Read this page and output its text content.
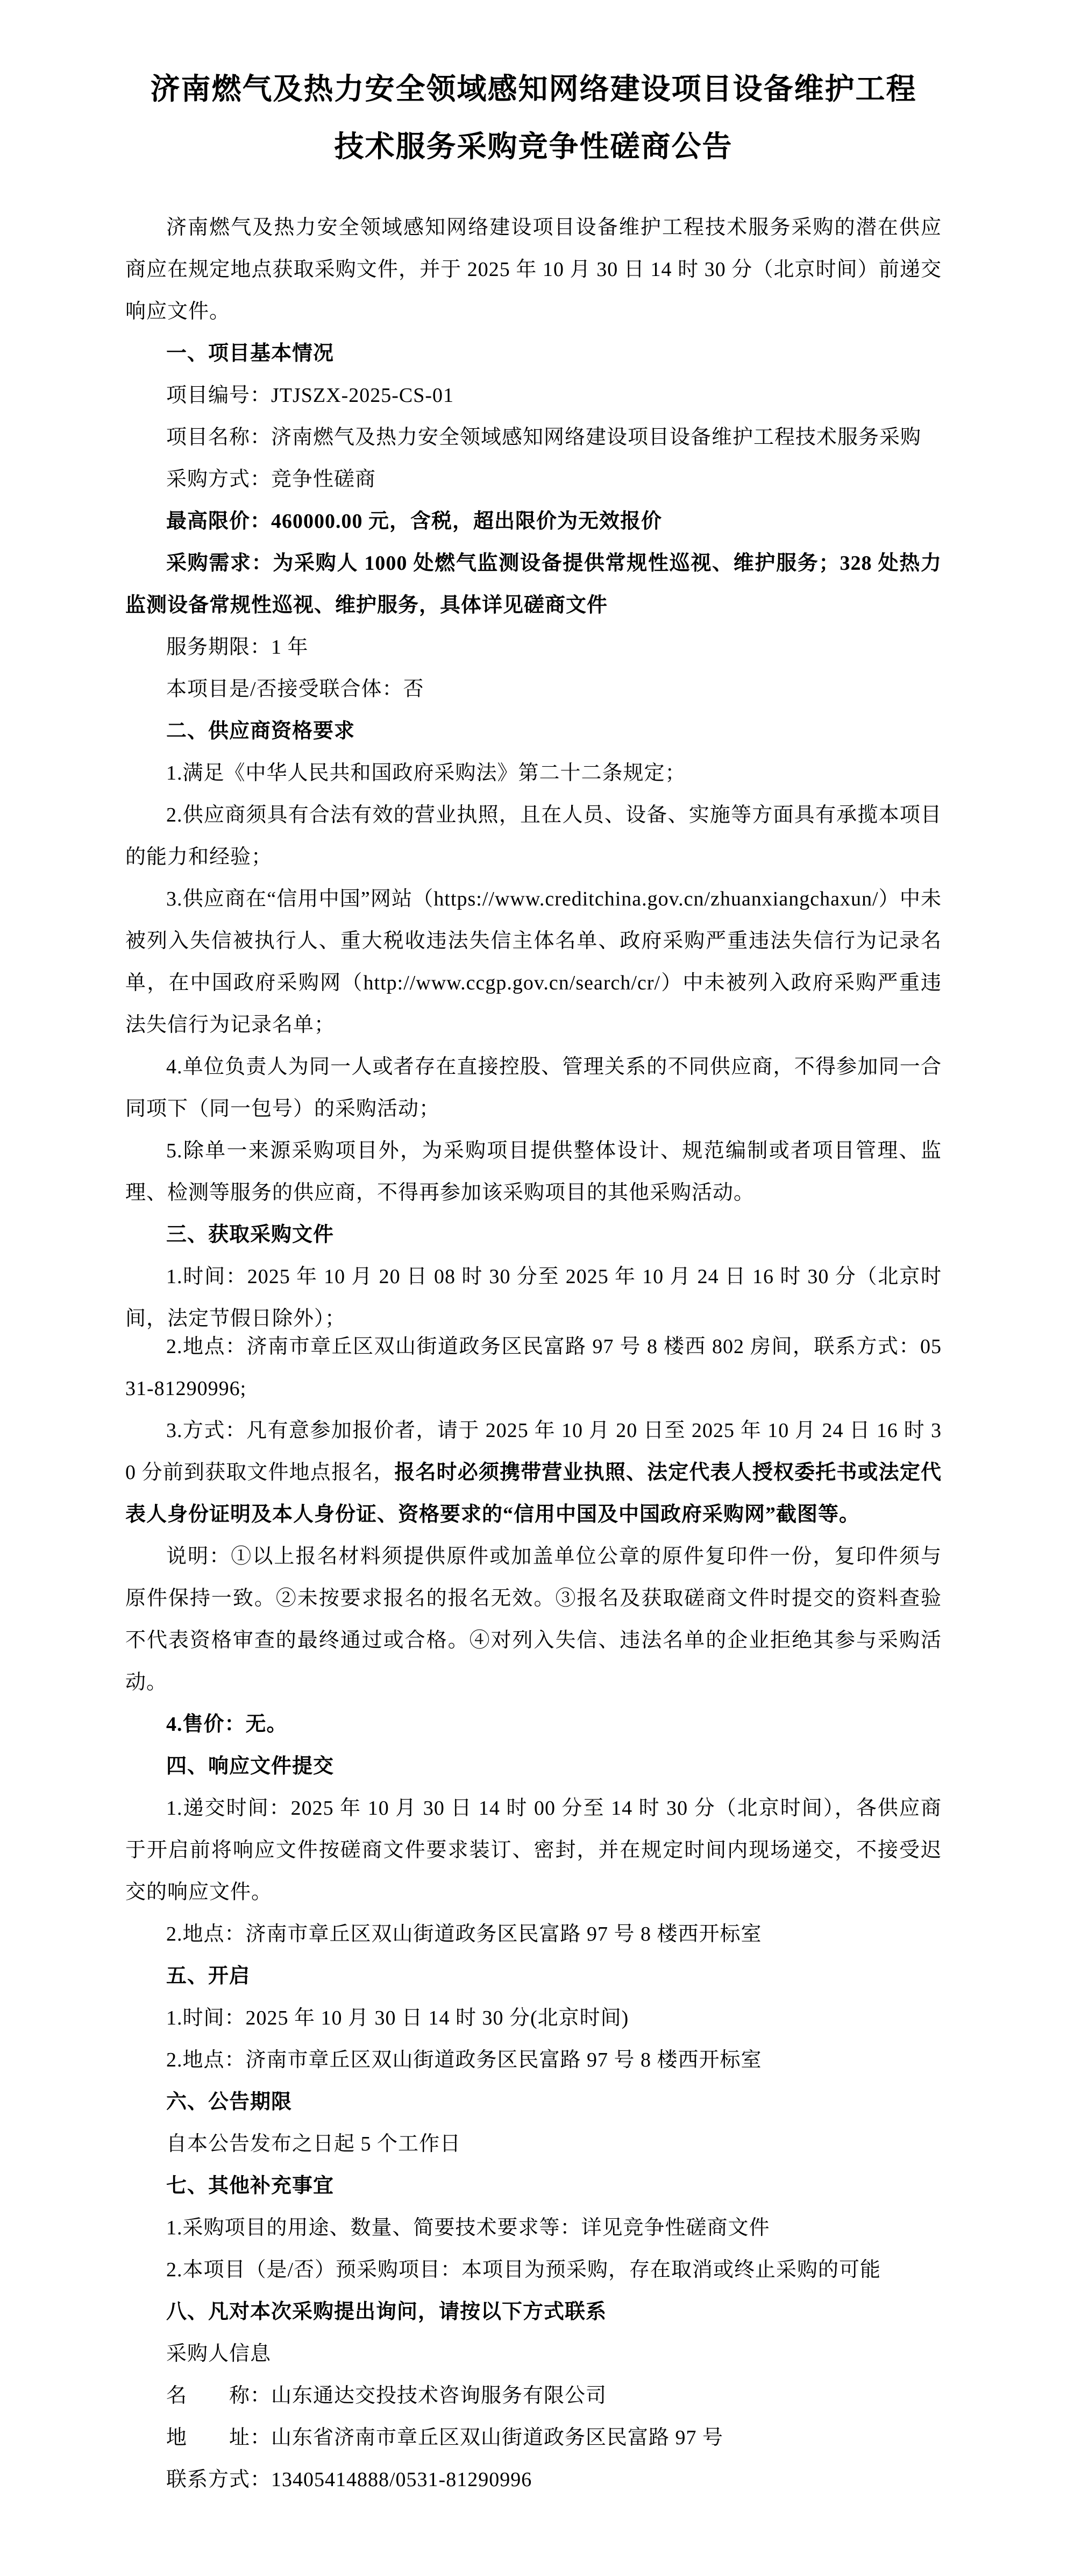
济南燃气及热力安全领域感知网络建设项目设备维护工程
技术服务采购竞争性磋商公告

济南燃气及热力安全领域感知网络建设项目设备维护工程技术服务采购的潜在供应商应在规定地点获取采购文件，并于 2025 年 10 月 30 日 14 时 30 分（北京时间）前递交响应文件。

一、项目基本情况

项目编号：JTJSZX-2025-CS-01

项目名称：济南燃气及热力安全领域感知网络建设项目设备维护工程技术服务采购

采购方式：竞争性磋商

最高限价：460000.00 元，含税，超出限价为无效报价

采购需求：为采购人 1000 处燃气监测设备提供常规性巡视、维护服务；328 处热力监测设备常规性巡视、维护服务，具体详见磋商文件

服务期限：1 年

本项目是/否接受联合体：否

二、供应商资格要求

1.满足《中华人民共和国政府采购法》第二十二条规定；

2.供应商须具有合法有效的营业执照，且在人员、设备、实施等方面具有承揽本项目的能力和经验；

3.供应商在“信用中国”网站（https://www.creditchina.gov.cn/zhuanxiangchaxun/）中未被列入失信被执行人、重大税收违法失信主体名单、政府采购严重违法失信行为记录名单，在中国政府采购网（http://www.ccgp.gov.cn/search/cr/）中未被列入政府采购严重违法失信行为记录名单；

4.单位负责人为同一人或者存在直接控股、管理关系的不同供应商，不得参加同一合同项下（同一包号）的采购活动；

5.除单一来源采购项目外，为采购项目提供整体设计、规范编制或者项目管理、监理、检测等服务的供应商，不得再参加该采购项目的其他采购活动。

三、获取采购文件

1.时间：2025 年 10 月 20 日 08 时 30 分至 2025 年 10 月 24 日 16 时 30 分（北京时间，法定节假日除外）；

2.地点：济南市章丘区双山街道政务区民富路 97 号 8 楼西 802 房间，联系方式：0531-81290996;

3.方式：凡有意参加报价者，请于 2025 年 10 月 20 日至 2025 年 10 月 24 日 16 时 30 分前到获取文件地点报名，报名时必须携带营业执照、法定代表人授权委托书或法定代表人身份证明及本人身份证、资格要求的“信用中国及中国政府采购网”截图等。

说明：①以上报名材料须提供原件或加盖单位公章的原件复印件一份，复印件须与原件保持一致。②未按要求报名的报名无效。③报名及获取磋商文件时提交的资料查验不代表资格审查的最终通过或合格。④对列入失信、违法名单的企业拒绝其参与采购活动。

4.售价：无。

四、响应文件提交

1.递交时间：2025 年 10 月 30 日 14 时 00 分至 14 时 30 分（北京时间），各供应商于开启前将响应文件按磋商文件要求装订、密封，并在规定时间内现场递交，不接受迟交的响应文件。

2.地点：济南市章丘区双山街道政务区民富路 97 号 8 楼西开标室

五、开启

1.时间：2025 年 10 月 30 日 14 时 30 分(北京时间)

2.地点：济南市章丘区双山街道政务区民富路 97 号 8 楼西开标室

六、公告期限

自本公告发布之日起 5 个工作日

七、其他补充事宜

1.采购项目的用途、数量、简要技术要求等：详见竞争性磋商文件

2.本项目（是/否）预采购项目：本项目为预采购，存在取消或终止采购的可能

八、凡对本次采购提出询问，请按以下方式联系

采购人信息

名　　称：山东通达交投技术咨询服务有限公司

地　　址：山东省济南市章丘区双山街道政务区民富路 97 号

联系方式：13405414888/0531-81290996
